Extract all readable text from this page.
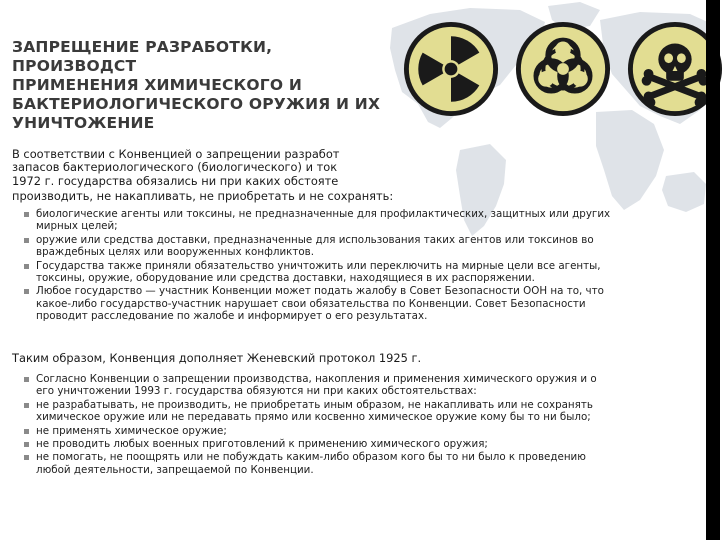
ЗАПРЕЩЕНИЕ РАЗРАБОТКИ, ПРОИЗВОДСТ
ПРИМЕНЕНИЯ ХИМИЧЕСКОГО И
БАКТЕРИОЛОГИЧЕСКОГО ОРУЖИЯ И ИХ
УНИЧТОЖЕНИЕ
В соответствии с Конвенцией о запрещении разработ
запасов бактериологического (биологического) и ток
1972 г. государства обязались ни при каких обстояте
производить, не накапливать, не приобретать и не сохранять:
биологические агенты или токсины, не предназначенные для профилактических, защитных или других мирных целей;
оружие или средства доставки, предназначенные для использования таких агентов или токсинов во враждебных целях или вооруженных конфликтов.
Государства также приняли обязательство уничтожить или переключить на мирные цели все агенты, токсины, оружие, оборудование или средства доставки, находящиеся в их распоряжении.
Любое государство — участник Конвенции может подать жалобу в Совет Безопасности ООН на то, что какое-либо государство-участник нарушает свои обязательства по Конвенции. Совет Безопасности проводит расследование по жалобе и информирует о его результатах.
Таким образом, Конвенция дополняет Женевский протокол 1925 г.
Согласно Конвенции о запрещении производства, накопления и применения химического оружия и о его уничтожении 1993 г. государства обязуются ни при каких обстоятельствах:
не разрабатывать, не производить, не приобретать иным образом, не накапливать или не сохранять химическое оружие или не передавать прямо или косвенно химическое оружие кому бы то ни было;
не применять химическое оружие;
не проводить любых военных приготовлений к применению химического оружия;
не помогать, не поощрять или не побуждать каким-либо образом кого бы то ни было к проведению любой деятельности, запрещаемой по Конвенции.
